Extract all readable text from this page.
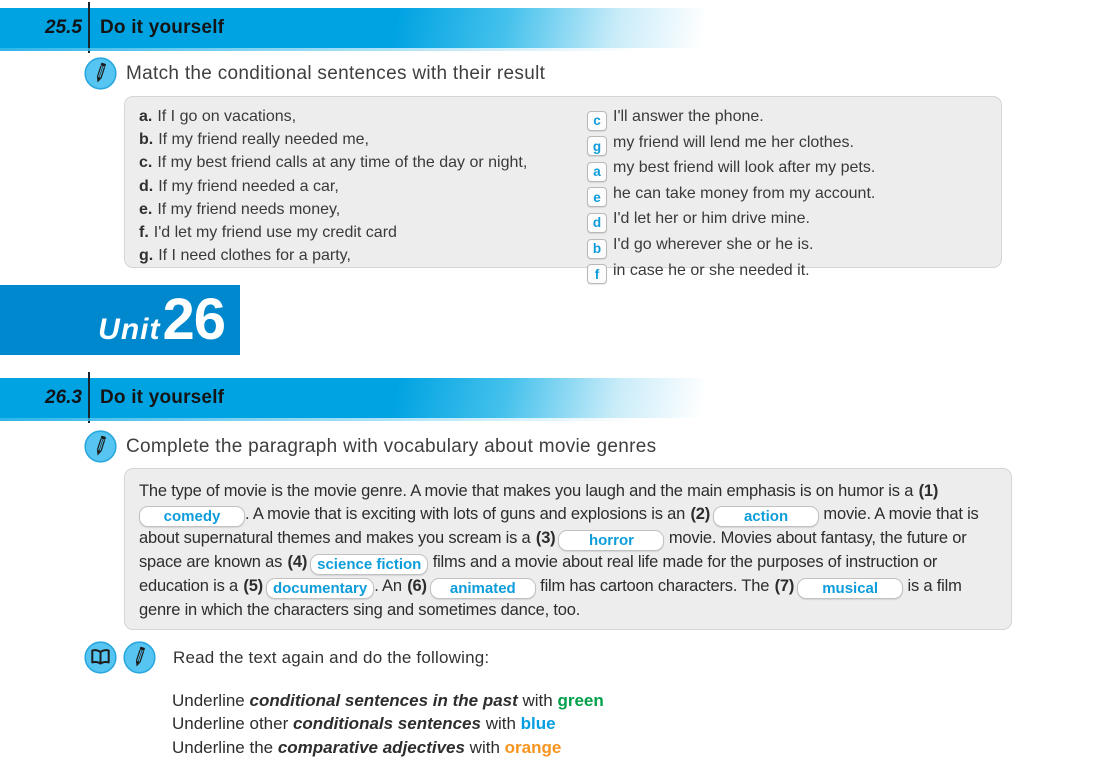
25.5 Do it yourself
Match the conditional sentences with their result
a. If I go on vacations,
b. If my friend really needed me,
c. If my best friend calls at any time of the day or night,
d. If my friend needed a car,
e. If my friend needs money,
f. I'd let my friend use my credit card
g. If I need clothes for a party,
c I'll answer the phone.
g my friend will lend me her clothes.
a my best friend will look after my pets.
e he can take money from my account.
d I'd let her or him drive mine.
b I'd go wherever she or he is.
f in case he or she needed it.
Unit 26
26.3 Do it yourself
Complete the paragraph with vocabulary about movie genres
The type of movie is the movie genre. A movie that makes you laugh and the main emphasis is on humor is a (1)comedy . A movie that is exciting with lots of guns and explosions is an (2) action movie. A movie that is about supernatural themes and makes you scream is a (3) horror movie. Movies about fantasy, the future or space are known as (4) science fiction films and a movie about real life made for the purposes of instruction or education is a (5) documentary . An (6) animated film has cartoon characters. The (7) musical is a film genre in which the characters sing and sometimes dance, too.
Read the text again and do the following:
Underline conditional sentences in the past with green
Underline other conditionals sentences with blue
Underline the comparative adjectives with orange
